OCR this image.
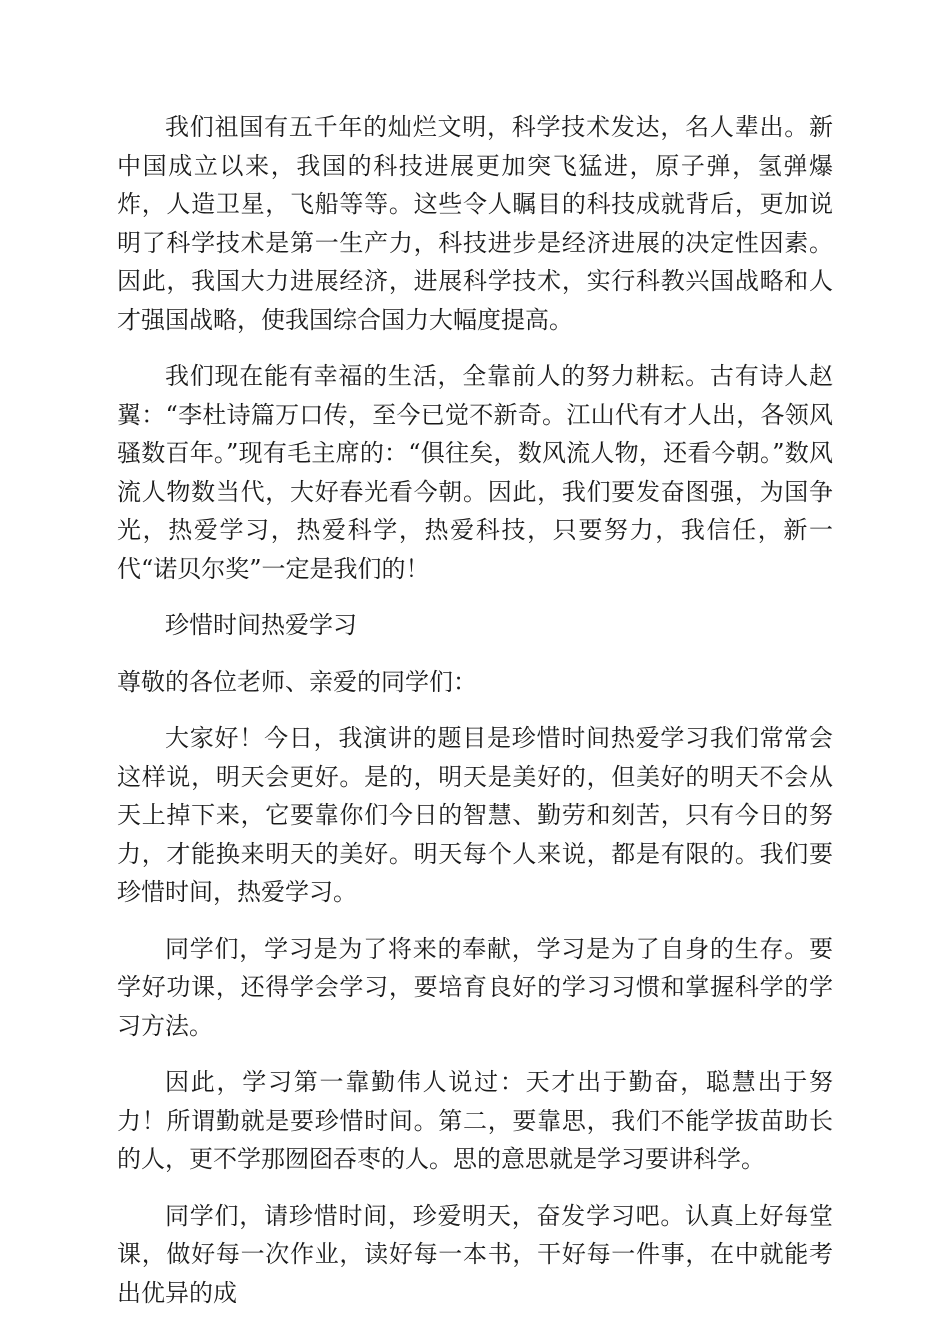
我们祖国有五千年的灿烂文明，科学技术发达，名人辈出。新中国成立以来，我国的科技进展更加突飞猛进，原子弹，氢弹爆炸，人造卫星，飞船等等。这些令人瞩目的科技成就背后，更加说明了科学技术是第一生产力，科技进步是经济进展的决定性因素。因此，我国大力进展经济，进展科学技术，实行科教兴国战略和人才强国战略，使我国综合国力大幅度提高。

我们现在能有幸福的生活，全靠前人的努力耕耘。古有诗人赵翼：“李杜诗篇万口传，至今已觉不新奇。江山代有才人出，各领风骚数百年。”现有毛主席的：“俱往矣，数风流人物，还看今朝。”数风流人物数当代，大好春光看今朝。因此，我们要发奋图强，为国争光，热爱学习，热爱科学，热爱科技，只要努力，我信任，新一代“诺贝尔奖”一定是我们的！

珍惜时间热爱学习

尊敬的各位老师、亲爱的同学们：

大家好！今日，我演讲的题目是珍惜时间热爱学习我们常常会这样说，明天会更好。是的，明天是美好的，但美好的明天不会从天上掉下来，它要靠你们今日的智慧、勤劳和刻苦，只有今日的努力，才能换来明天的美好。明天每个人来说，都是有限的。我们要珍惜时间，热爱学习。

同学们，学习是为了将来的奉献，学习是为了自身的生存。要学好功课，还得学会学习，要培育良好的学习习惯和掌握科学的学习方法。

因此，学习第一靠勤伟人说过：天才出于勤奋，聪慧出于努力！所谓勤就是要珍惜时间。第二，要靠思，我们不能学拔苗助长的人，更不学那囫囵吞枣的人。思的意思就是学习要讲科学。

同学们，请珍惜时间，珍爱明天，奋发学习吧。认真上好每堂课，做好每一次作业，读好每一本书，干好每一件事，在中就能考出优异的成
